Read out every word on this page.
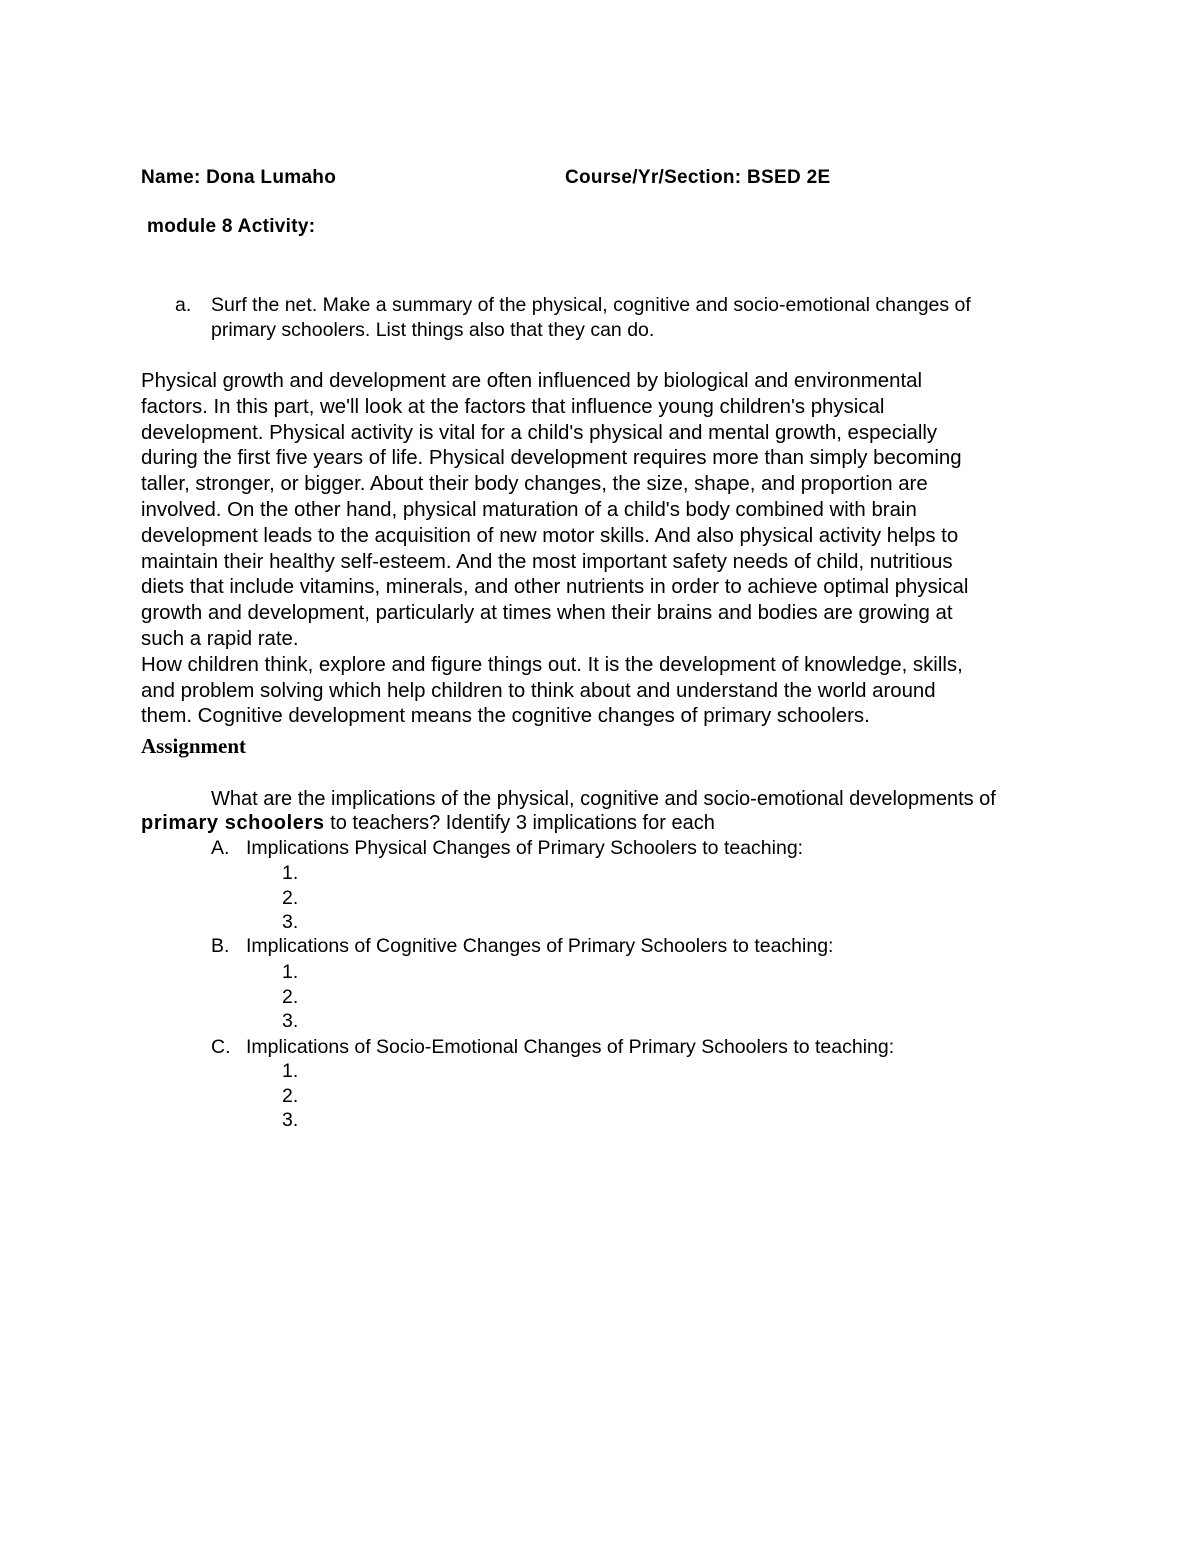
Name: Dona Lumaho	Course/Yr/Section: BSED 2E
module 8 Activity:
a. Surf the net. Make a summary of the physical, cognitive and socio-emotional changes of
primary schoolers. List things also that they can do.
Physical growth and development are often influenced by biological and environmental
factors. In this part, we'll look at the factors that influence young children's physical
development. Physical activity is vital for a child's physical and mental growth, especially
during the first five years of life. Physical development requires more than simply becoming
taller, stronger, or bigger. About their body changes, the size, shape, and proportion are
involved. On the other hand, physical maturation of a child's body combined with brain
development leads to the acquisition of new motor skills. And also physical activity helps to
maintain their healthy self-esteem. And the most important safety needs of child, nutritious
diets that include vitamins, minerals, and other nutrients in order to achieve optimal physical
growth and development, particularly at times when their brains and bodies are growing at
such a rapid rate.
How children think, explore and figure things out. It is the development of knowledge, skills,
and problem solving which help children to think about and understand the world around
them. Cognitive development means the cognitive changes of primary schoolers.
Assignment
What are the implications of the physical, cognitive and socio-emotional developments of
primary schoolers to teachers? Identify 3 implications for each
A. Implications Physical Changes of Primary Schoolers to teaching:
1.
2.
3.
B. Implications of Cognitive Changes of Primary Schoolers to teaching:
1.
2.
3.
C. Implications of Socio-Emotional Changes of Primary Schoolers to teaching:
1.
2.
3.
